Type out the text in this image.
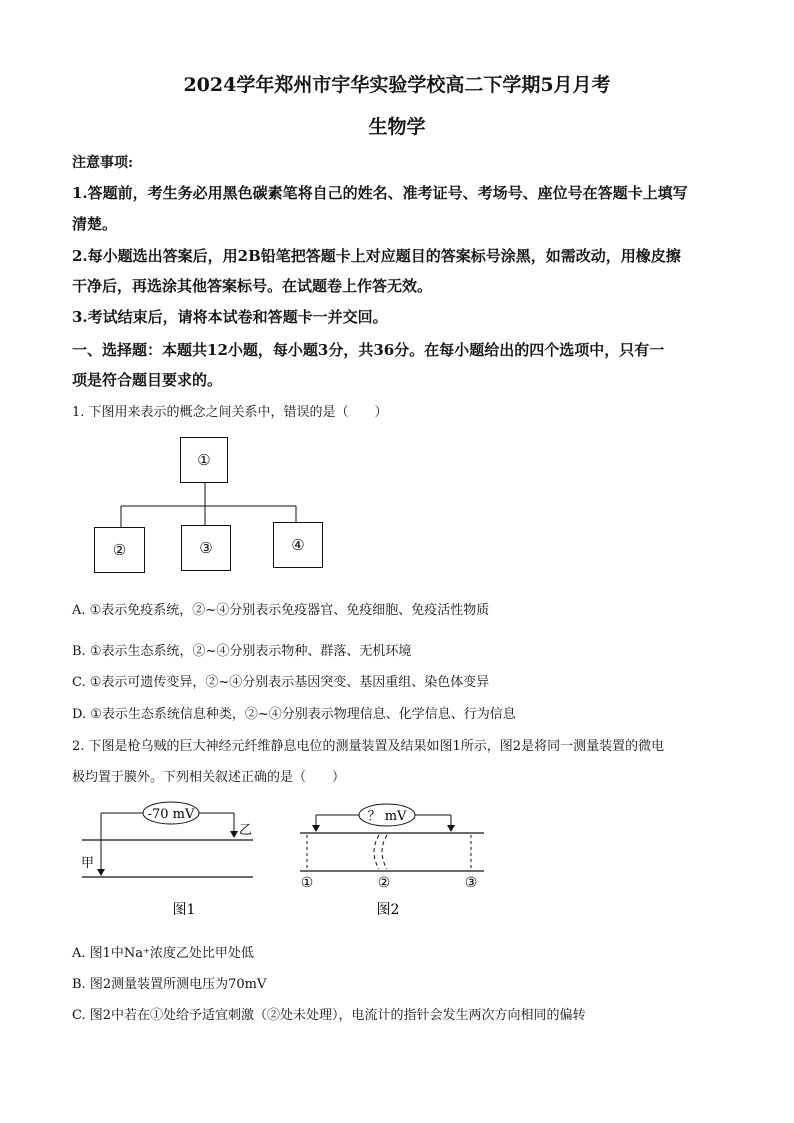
2024学年郑州市宇华实验学校高二下学期5月月考
生物学
注意事项:
1.答题前，考生务必用黑色碳素笔将自己的姓名、准考证号、考场号、座位号在答题卡上填写
清楚。
2.每小题选出答案后，用2B铅笔把答题卡上对应题目的答案标号涂黑，如需改动，用橡皮擦
干净后，再选涂其他答案标号。在试题卷上作答无效。
3.考试结束后，请将本试卷和答题卡一并交回。
一、选择题：本题共12小题，每小题3分，共36分。在每小题给出的四个选项中，只有一
项是符合题目要求的。
1. 下图用来表示的概念之间关系中，错误的是（　　）
①
②	③	④
A. ①表示免疫系统，②~④分别表示免疫器官、免疫细胞、免疫活性物质
B. ①表示生态系统，②~④分别表示物种、群落、无机环境
C. ①表示可遗传变异，②~④分别表示基因突变、基因重组、染色体变异
D. ①表示生态系统信息种类，②~④分别表示物理信息、化学信息、行为信息
2. 下图是枪乌贼的巨大神经元纤维静息电位的测量装置及结果如图1所示，图2是将同一测量装置的微电
极均置于膜外。下列相关叙述正确的是（　　）
-70 mV
乙
甲
图1
？ mV
①	②	③
图2
A. 图1中Na⁺浓度乙处比甲处低
B. 图2测量装置所测电压为70mV
C. 图2中若在①处给予适宜刺激（②处未处理），电流计的指针会发生两次方向相同的偏转
